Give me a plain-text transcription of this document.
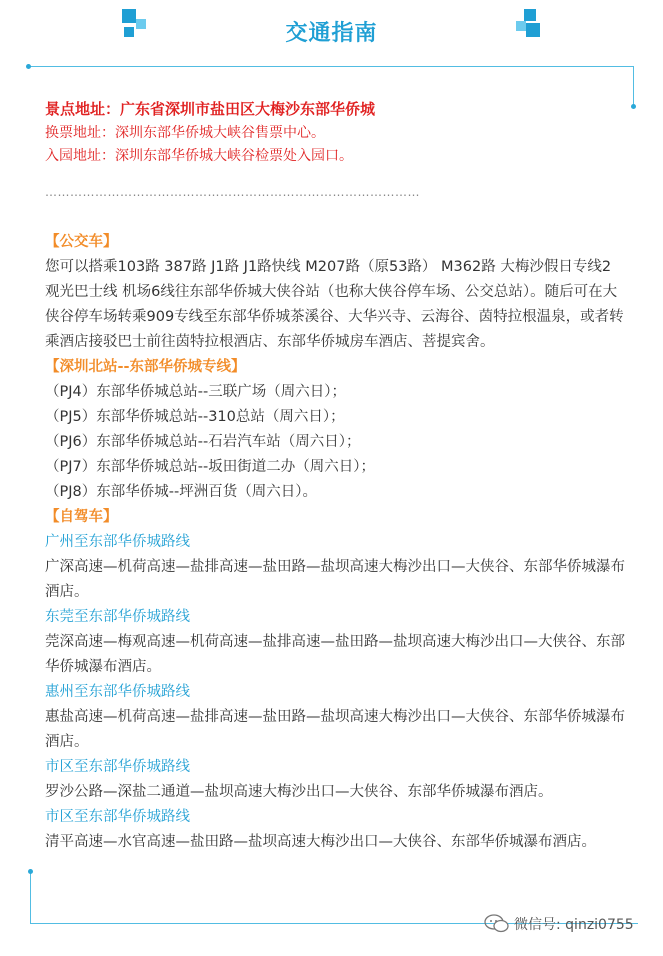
交通指南
景点地址：广东省深圳市盐田区大梅沙东部华侨城
换票地址：深圳东部华侨城大峡谷售票中心。
入园地址：深圳东部华侨城大峡谷检票处入园口。
………………………………………………………………………………
【公交车】

您可以搭乘103路 387路 J1路 J1路快线 M207路（原53路） M362路 大梅沙假日专线2 观光巴士线 机场6线往东部华侨城大侠谷站（也称大侠谷停车场、公交总站）。随后可在大侠谷停车场转乘909专线至东部华侨城茶溪谷、大华兴寺、云海谷、茵特拉根温泉，或者转乘酒店接驳巴士前往茵特拉根酒店、东部华侨城房车酒店、菩提宾舍。

【深圳北站--东部华侨城专线】
（PJ4）东部华侨城总站--三联广场（周六日）；
（PJ5）东部华侨城总站--310总站（周六日）；
（PJ6）东部华侨城总站--石岩汽车站（周六日）；
（PJ7）东部华侨城总站--坂田街道二办（周六日）；
（PJ8）东部华侨城--坪洲百货（周六日）。
【自驾车】
广州至东部华侨城路线

广深高速—机荷高速—盐排高速—盐田路—盐坝高速大梅沙出口—大侠谷、东部华侨城瀑布酒店。

东莞至东部华侨城路线

莞深高速—梅观高速—机荷高速—盐排高速—盐田路—盐坝高速大梅沙出口—大侠谷、东部华侨城瀑布酒店。

惠州至东部华侨城路线

惠盐高速—机荷高速—盐排高速—盐田路—盐坝高速大梅沙出口—大侠谷、东部华侨城瀑布酒店。

市区至东部华侨城路线

罗沙公路—深盐二通道—盐坝高速大梅沙出口—大侠谷、东部华侨城瀑布酒店。

市区至东部华侨城路线

清平高速—水官高速—盐田路—盐坝高速大梅沙出口—大侠谷、东部华侨城瀑布酒店。

微信号: qinzi0755
